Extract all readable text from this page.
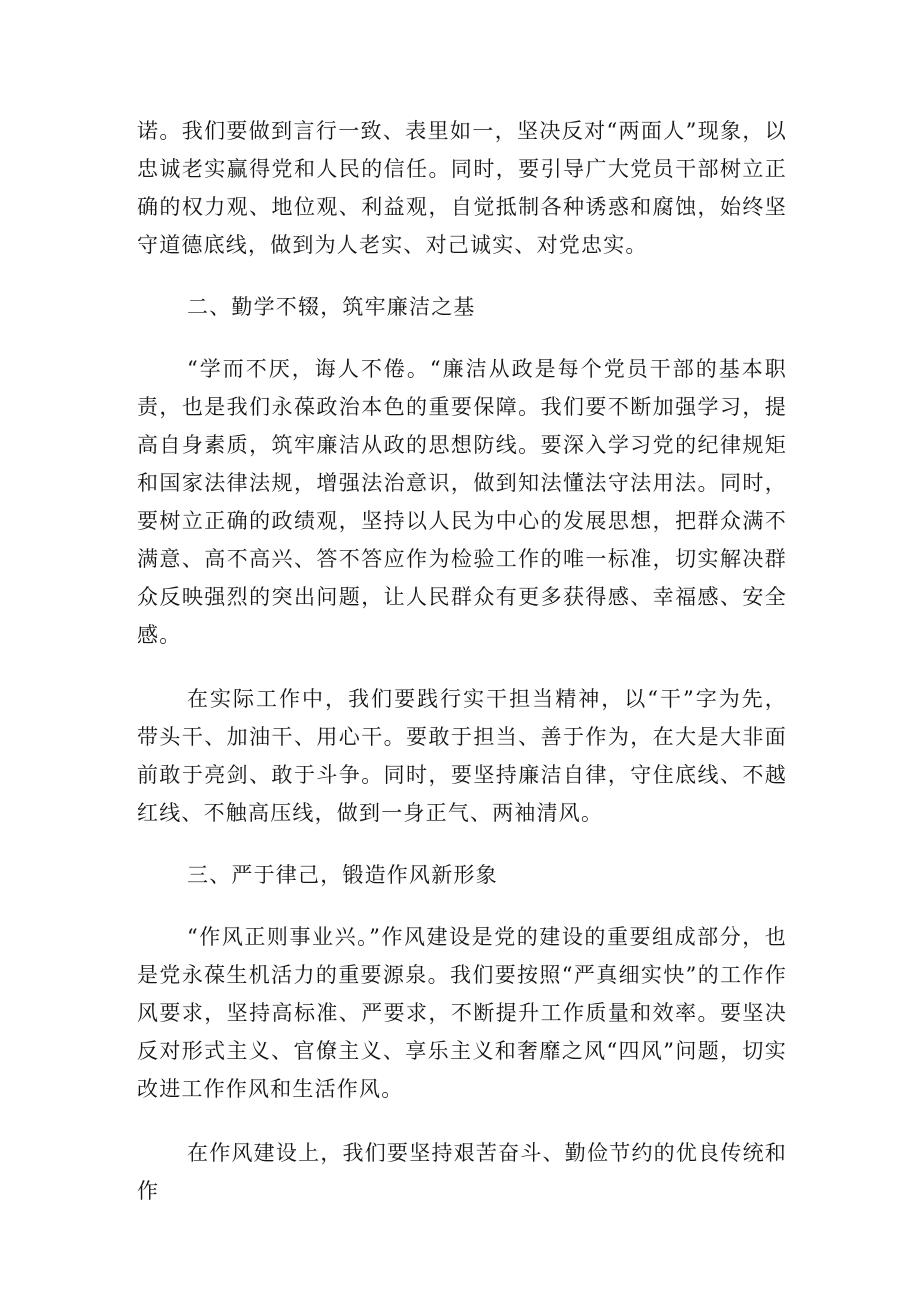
诺。我们要做到言行一致、表里如一，坚决反对“两面人”现象，以忠诚老实赢得党和人民的信任。同时，要引导广大党员干部树立正确的权力观、地位观、利益观，自觉抵制各种诱惑和腐蚀，始终坚守道德底线，做到为人老实、对己诚实、对党忠实。

二、勤学不辍，筑牢廉洁之基

“学而不厌，诲人不倦。“廉洁从政是每个党员干部的基本职责，也是我们永葆政治本色的重要保障。我们要不断加强学习，提高自身素质，筑牢廉洁从政的思想防线。要深入学习党的纪律规矩和国家法律法规，增强法治意识，做到知法懂法守法用法。同时，要树立正确的政绩观，坚持以人民为中心的发展思想，把群众满不满意、高不高兴、答不答应作为检验工作的唯一标准，切实解决群众反映强烈的突出问题，让人民群众有更多获得感、幸福感、安全感。

在实际工作中，我们要践行实干担当精神，以“干”字为先，带头干、加油干、用心干。要敢于担当、善于作为，在大是大非面前敢于亮剑、敢于斗争。同时，要坚持廉洁自律，守住底线、不越红线、不触高压线，做到一身正气、两袖清风。

三、严于律己，锻造作风新形象

“作风正则事业兴。”作风建设是党的建设的重要组成部分，也是党永葆生机活力的重要源泉。我们要按照“严真细实快”的工作作风要求，坚持高标准、严要求，不断提升工作质量和效率。要坚决反对形式主义、官僚主义、享乐主义和奢靡之风“四风”问题，切实改进工作作风和生活作风。

在作风建设上，我们要坚持艰苦奋斗、勤俭节约的优良传统和作
